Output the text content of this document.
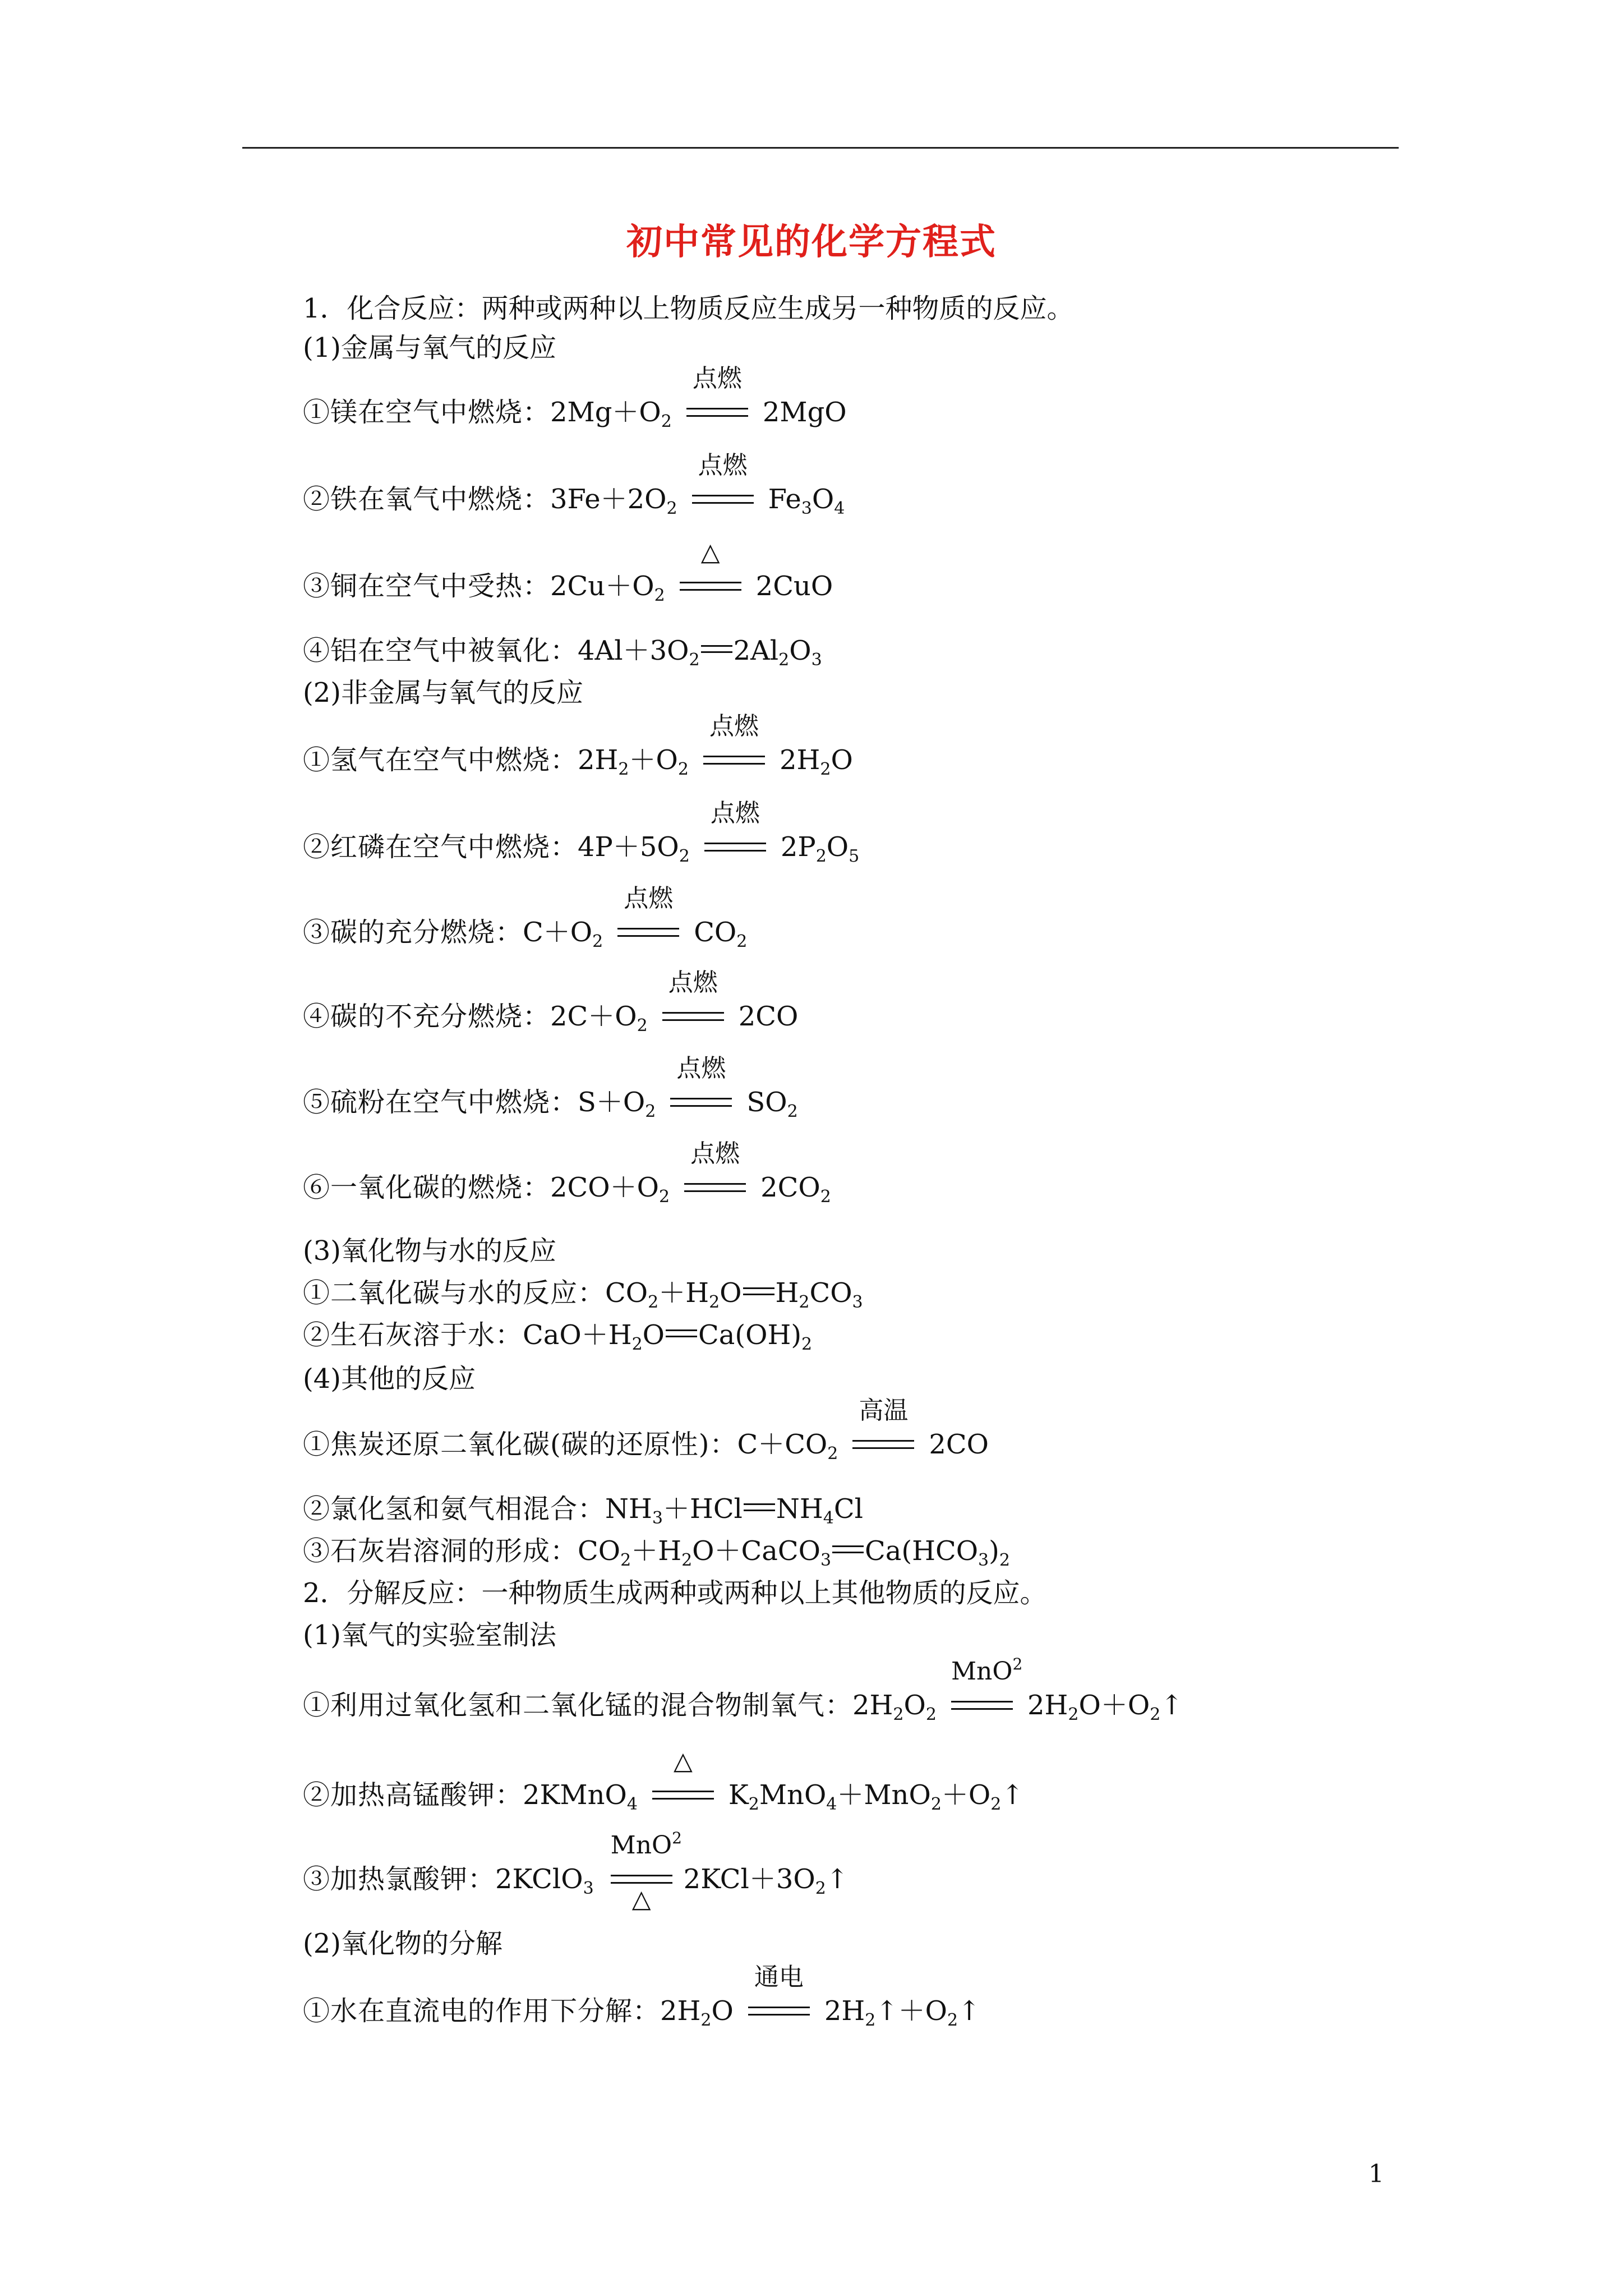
初中常见的化学方程式
1．化合反应：两种或两种以上物质反应生成另一种物质的反应。
(1)金属与氧气的反应
①镁在空气中燃烧：$2Mg+O_2$
点燃
2MgO
②铁在氧气中燃烧：$3Fe+2O_2$
点燃
$Fe_3O_4$
③铜在空气中受热：$2Cu+O_2$
△
2CuO
④铝在空气中被氧化：$4Al+3O_2$ $2Al_2O_3$
(2)非金属与氧气的反应
①氢气在空气中燃烧：$2H_2+O_2$
点燃
$2H_2O$
②红磷在空气中燃烧：$4P+5O_2$
点燃
$2P_2O_5$
③碳的充分燃烧：$C+O_2$
点燃
$CO_2$
④碳的不充分燃烧：$2C+O_2$
点燃
2CO
⑤硫粉在空气中燃烧：$S+O_2$
点燃
$SO_2$
⑥一氧化碳的燃烧：$2CO+O_2$
点燃
$2CO_2$
(3)氧化物与水的反应
①二氧化碳与水的反应：$CO_2+H_2O$ $H_2CO_3$
②生石灰溶于水：$CaO+H_2O$ $Ca(OH)_2$
(4)其他的反应
①焦炭还原二氧化碳(碳的还原性)：$C+CO_2$
高温
2CO
②氯化氢和氨气相混合：$NH_3+HCl$ $NH_4Cl$
③石灰岩溶洞的形成：$CO_2+H_2O+CaCO_3$ $Ca(HCO_3)_2$
2．分解反应：一种物质生成两种或两种以上其他物质的反应。
(1)氧气的实验室制法
①利用过氧化氢和二氧化锰的混合物制氧气：$2H_2O_2$
MnO$^2$
$2H_2O+O_2↑$
②加热高锰酸钾：2KMnO$_4$
△
$K_2MnO_4+MnO_2+O_2↑$
③加热氯酸钾：2KClO$_3$
MnO$^2$
△
$2KCl+3O_2↑$
(2)氧化物的分解
①水在直流电的作用下分解：$2H_2O$
通电
$2H_2↑+O_2↑$
1
